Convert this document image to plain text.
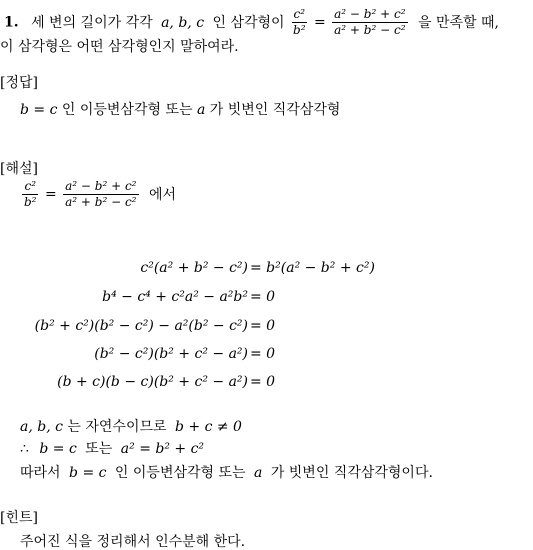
1. 세 변의 길이가 각각 a, b, c 인 삼각형이 $\frac{\text{c²}}{\text{b²}} = \frac{\text{a² − b² + c²}}{\text{a² + b² − c²}}$ 을 만족할 때,
이 삼각형은 어떤 삼각형인지 말하여라.
[정답]
b = c 인 이등변삼각형 또는 a 가 빗변인 직각삼각형
[해설]
$\frac{\text{c²}}{\text{b²}} = \frac{\text{a² − b² + c²}}{\text{a² + b² − c²}}$ 에서
c²(a² + b² − c²) = b²(a² − b² + c²)
b⁴ − c⁴ + c²a² − a²b² = 0
(b² + c²)(b² − c²) − a²(b² − c²) = 0
(b² − c²)(b² + c² − a²) = 0
(b + c)(b − c)(b² + c² − a²) = 0
a, b, c 는 자연수이므로 b + c ≠ 0
∴ b = c 또는 a² = b² + c²
따라서 b = c 인 이등변삼각형 또는 a 가 빗변인 직각삼각형이다.
[힌트]
주어진 식을 정리해서 인수분해 한다.
